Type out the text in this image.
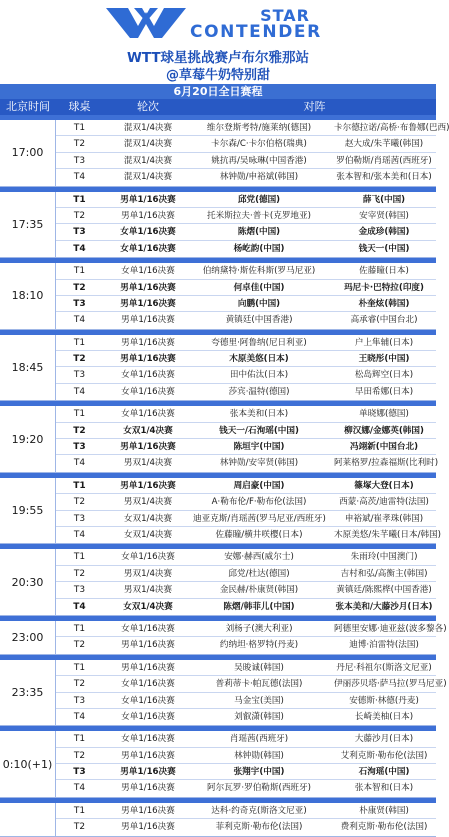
STAR
CONTENDER
WTT球星挑战赛卢布尔雅那站
@草莓牛奶特别甜
6月20日全日赛程
北京时间	球桌	轮次	对阵
17:00
T1	混双1/4决赛	维尔登斯考特/施莱纳(德国)	卡尔德拉诺/高桥·布鲁娜(巴西)
T2	混双1/4决赛	卡尔森/C·卡尔伯格(瑞典)	赵大成/朱芊曦(韩国)
T3	混双1/4决赛	姚抗再/吴咏琳(中国香港)	罗伯勒斯/肖瑶茜(西班牙)
T4	混双1/4决赛	林钟勋/申裕斌(韩国)	张本智和/张本美和(日本)
17:35
T1	男单1/16决赛	邱党(德国)	薛飞(中国)
T2	男单1/16决赛	托米斯拉夫·普卡(克罗地亚)	安宰贤(韩国)
T3	女单1/16决赛	陈熠(中国)	金成珍(韩国)
T4	女单1/16决赛	杨屹韵(中国)	钱天一(中国)
18:10
T1	女单1/16决赛	伯纳黛特·斯佐科斯(罗马尼亚)	佐藤瞳(日本)
T2	男单1/16决赛	何卓佳(中国)	玛尼卡·巴特拉(印度)
T3	男单1/16决赛	向鹏(中国)	朴奎炫(韩国)
T4	男单1/16决赛	黄镇廷(中国香港)	高承睿(中国台北)
18:45
T1	男单1/16决赛	夸德里·阿鲁纳(尼日利亚)	户上隼辅(日本)
T2	男单1/16决赛	木原美悠(日本)	王晓彤(中国)
T3	女单1/16决赛	田中佑汰(日本)	松岛辉空(日本)
T4	女单1/16决赛	莎宾·温特(德国)	早田希娜(日本)
19:20
T1	女单1/16决赛	张本美和(日本)	单晓娜(德国)
T2	女双1/4决赛	钱天一/石洵瑶(中国)	柳汉娜/金娜英(韩国)
T3	男单1/16决赛	陈垣宇(中国)	冯翊新(中国台北)
T4	男双1/4决赛	林钟勋/安宰贤(韩国)	阿莱格罗/拉森福斯(比利时)
19:55
T1	男单1/16决赛	周启豪(中国)	篠塚大登(日本)
T2	男双1/4决赛	A·勒布伦/F·勒布伦(法国)	西蒙·高茨/迪雷特(法国)
T3	女双1/4决赛	迪亚克斯/肖瑶茜(罗马尼亚/西班牙)	申裕斌/崔孝珠(韩国)
T4	女双1/4决赛	佐藤瞳/横井咲樱(日本)	木原美悠/朱芊曦(日本/韩国)
20:30
T1	女单1/16决赛	安娜·赫西(威尔士)	朱雨玲(中国澳门)
T2	男双1/4决赛	邱党/杜达(德国)	吉村和弘/高衡主(韩国)
T3	男双1/4决赛	金民赫/朴康贤(韩国)	黄镇廷/陈熙桦(中国香港)
T4	女双1/4决赛	陈熠/韩菲儿(中国)	张本美和/大藤沙月(日本)
23:00
T1	女单1/16决赛	刘杨子(澳大利亚)	阿德里安娜·迪亚兹(波多黎各)
T2	男单1/16决赛	约纳坦·格罗特(丹麦)	迪博·泊雷特(法国)
23:35
T1	男单1/16决赛	吴晙诚(韩国)	丹尼·科祖尔(斯洛文尼亚)
T2	女单1/16决赛	普莉蒂卡·帕瓦德(法国)	伊丽莎贝塔·萨马拉(罗马尼亚)
T3	女单1/16决赛	马金宝(美国)	安德斯·林德(丹麦)
T4	女单1/16决赛	刘叡潇(韩国)	长崎美柚(日本)
0:10(+1)
T1	女单1/16决赛	肖瑶茜(西班牙)	大藤沙月(日本)
T2	男单1/16决赛	林钟勋(韩国)	艾利克斯·勒布伦(法国)
T3	男单1/16决赛	张翔宇(中国)	石洵瑶(中国)
T4	男单1/16决赛	阿尔瓦罗·罗伯勒斯(西班牙)	张本智和(日本)
T1	男单1/16决赛	达科·约奇克(斯洛文尼亚)	朴康贤(韩国)
T2	男单1/16决赛	菲利克斯·勒布伦(法国)	费利克斯·勒布伦(法国)
